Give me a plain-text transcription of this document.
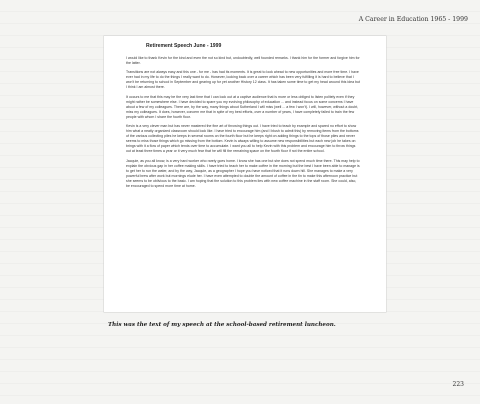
A Career in Education 1965 - 1999
Retirement Speech June - 1999

I would like to thank Kevin for the kind and even the not so kind but, undoubtedly, well founded remarks. I thank him for the former and forgive him for the latter.

Transitions are not always easy and this one - for me - has had its moments. It is great to look ahead to new opportunities and more free time. I have ever had in my life to do the things I really want to do. However, looking back over a career which has been very fulfilling it is hard to believe that I won't be returning to school in September and gearing up for yet another History 12 class. It has taken some time to get my head around this idea but I think I am almost there.

It occurs to me that this may be the very last time that I can look out at a captive audience that is more or less obliged to listen politely even if they might rather be somewhere else. I have decided to spare you my evolving philosophy of education ... and instead focus on some concerns I have about a few of my colleagues. There are, by the way, many things about Sutherland I will miss (well ... a few I won't). I will, however, without a doubt, miss my colleagues. It does, however, concern me that in spite of my best efforts, over a number of years, I have completely failed to train the few people with whom I share the fourth floor.

Kevin is a very clever man but has never mastered the fine art of throwing things out. I have tried to teach by example and spared no effort to show him what a neatly organized classroom should look like. I have tried to encourage him (and I blush to admit this) by removing items from the bottoms of the various collecting piles he keeps in several rooms on the fourth floor but he keeps right on adding things to the tops of those piles and never seems to miss those things which go missing from the bottom. Kevin is always willing to assume new responsibilities but each new job he takes on brings with it a flow of paper which tends over time to accumulate. I want you all to help Kevin with this problem and encourage him to throw things out at least three times a year or it very much fear that he will fill the remaining space on the fourth floor if not the entire school.

Jacquie, as you all know, is a very hard worker who rarely goes home. I know she has one but she does not spend much time there. This may help to explain the obvious gap in her coffee making skills. I have tried to teach her to make coffee in the morning but the best I have been able to manage is to get her to run the water, and by the way, Jacquie, as a geographer I hope you have noticed that it runs down hill. She manages to make a very powerful brew after work but mornings elude her. I have even attempted to double the amount of coffee in the tin to make this afternoon practice but she seems to be oblivious to the basic. I am hoping that the solution to this problem lies with new coffee machine in the staff room. She could, also, be encouraged to spend more time at home.

This was the text of my speech at the school-based retirement luncheon.
223
